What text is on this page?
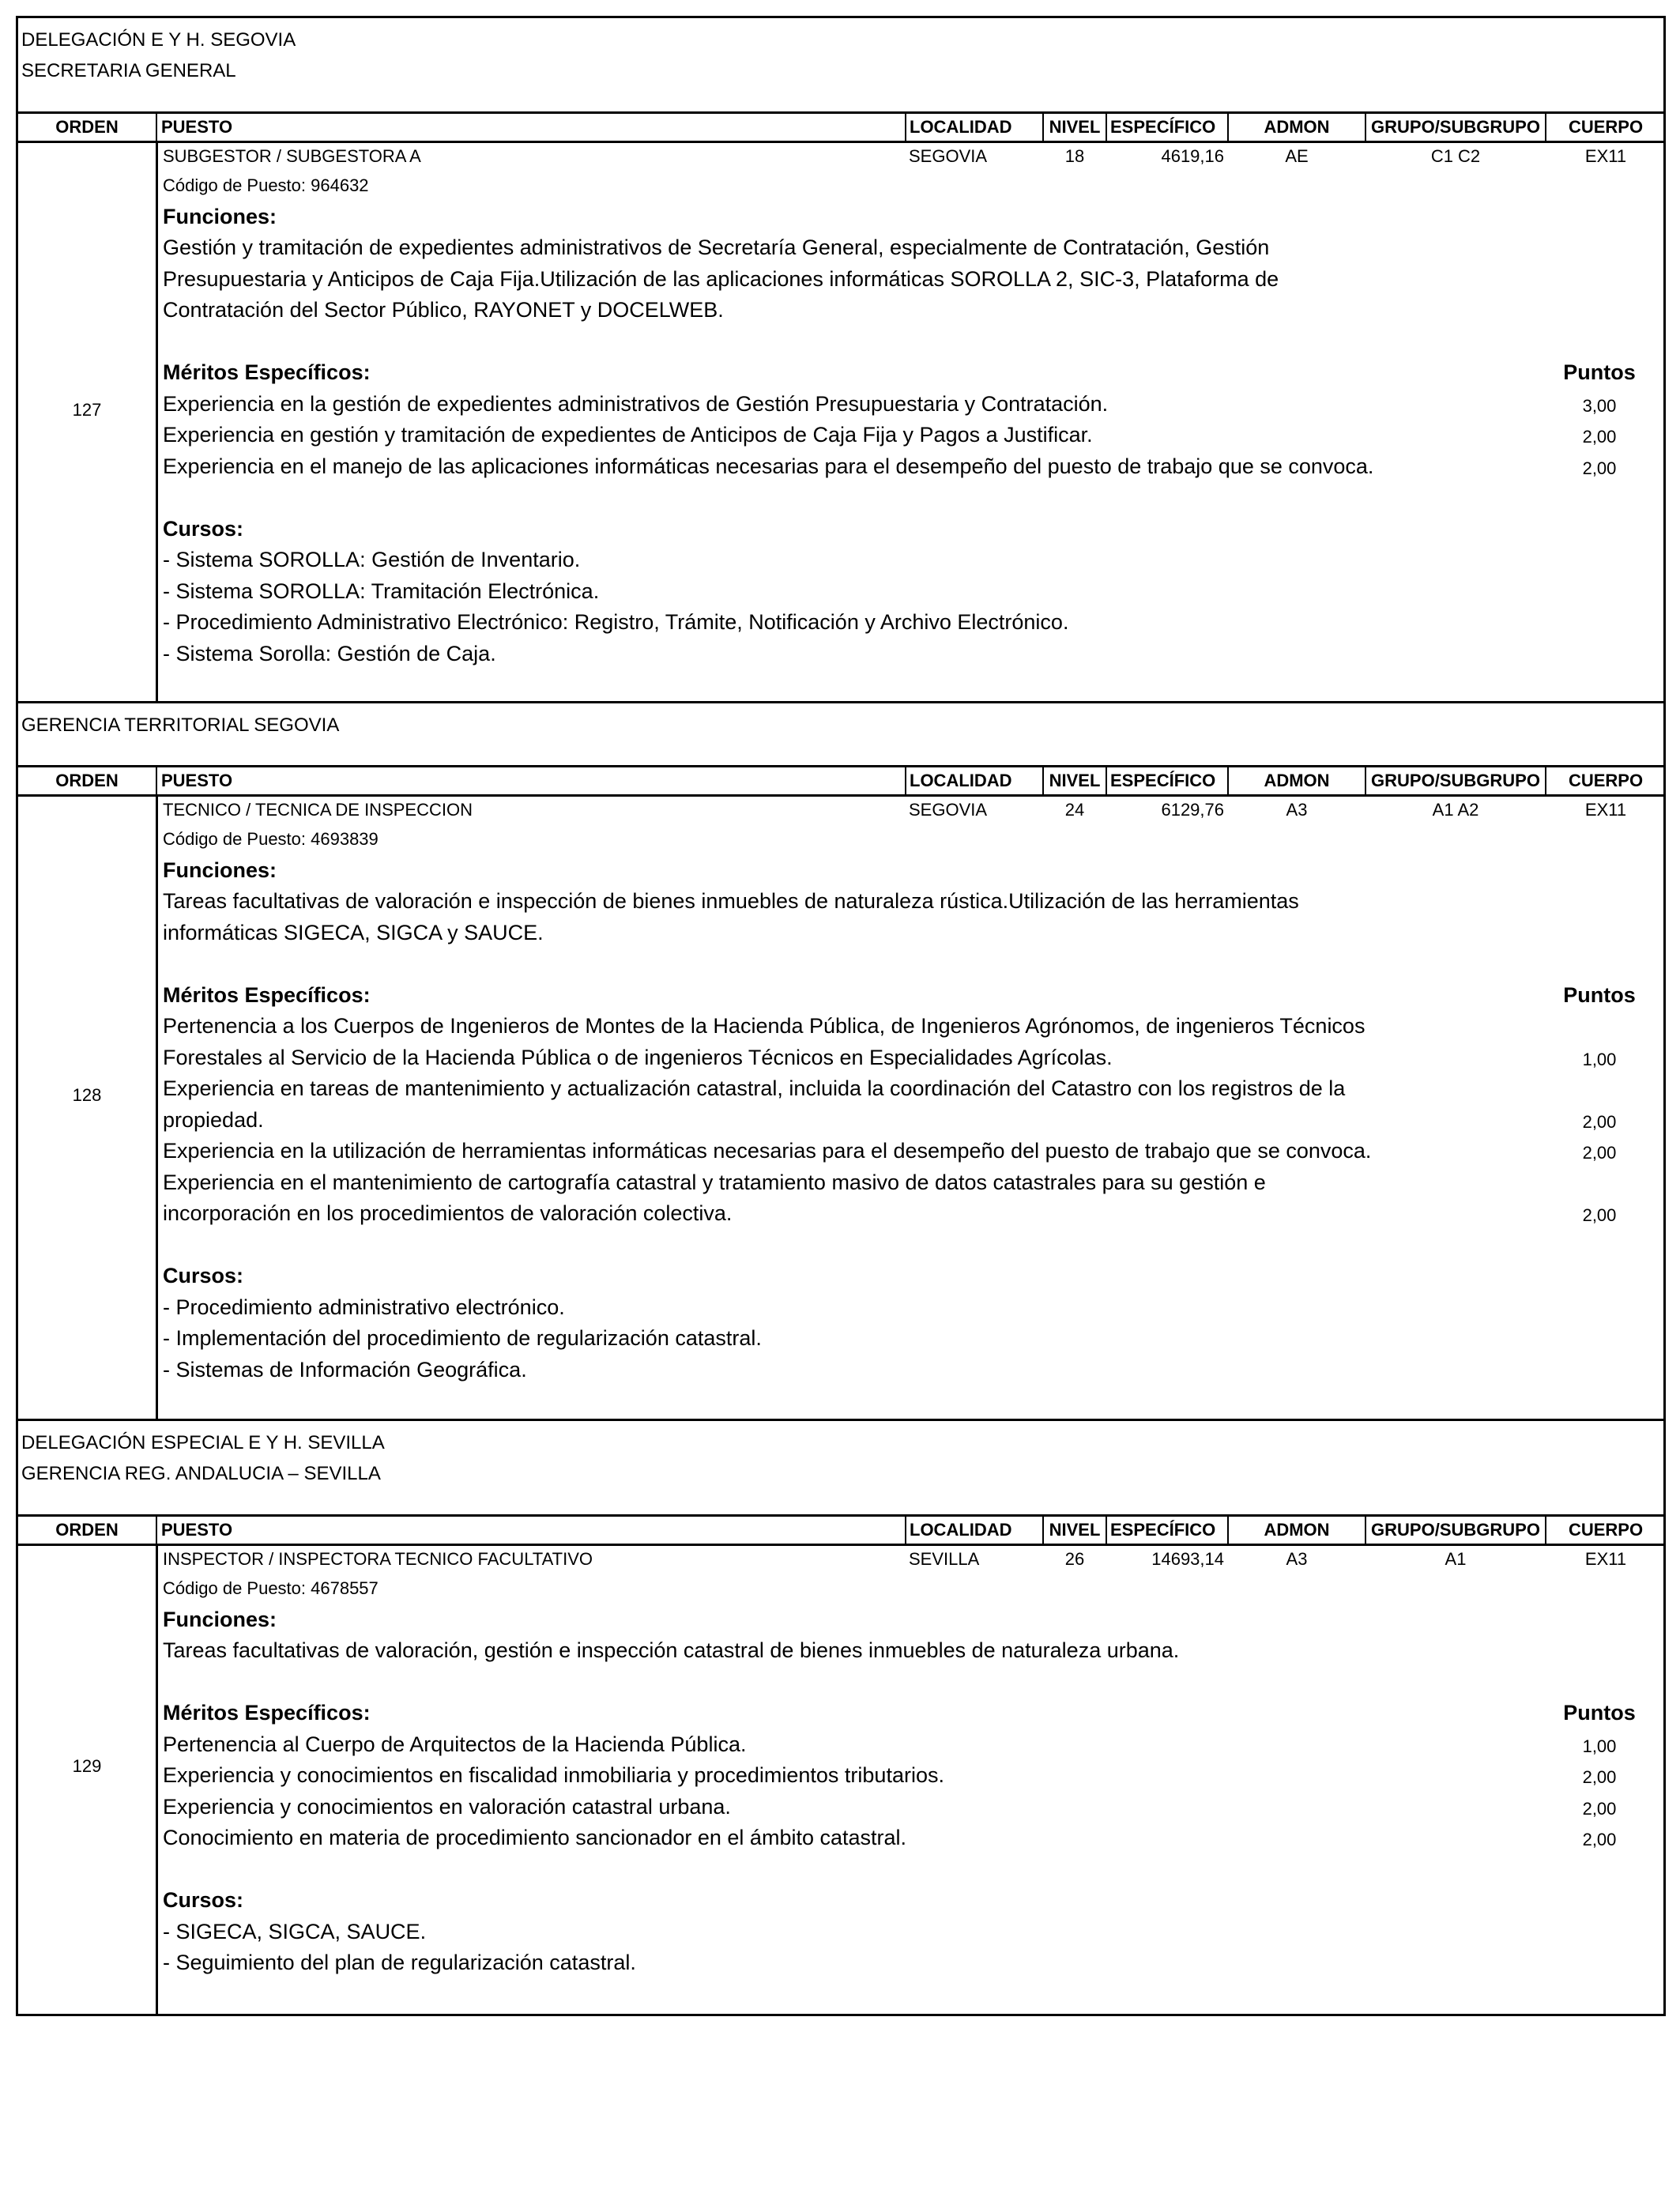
DELEGACIÓN E Y H. SEGOVIA
SECRETARIA GENERAL
ORDEN	PUESTO	LOCALIDAD	NIVEL ESPECÍFICO	ADMON	GRUPO/SUBGRUPO	CUERPO
SUBGESTOR / SUBGESTORA A	SEGOVIA	18	4619,16	AE	C1 C2	EX11
Código de Puesto: 964632
Funciones:
Gestión y tramitación de expedientes administrativos de Secretaría General, especialmente de Contratación, Gestión
Presupuestaria y Anticipos de Caja Fija.Utilización de las aplicaciones informáticas SOROLLA 2, SIC-3, Plataforma de
Contratación del Sector Público, RAYONET y DOCELWEB.
Méritos Específicos:	Puntos
Experiencia en la gestión de expedientes administrativos de Gestión Presupuestaria y Contratación.	3,00
Experiencia en gestión y tramitación de expedientes de Anticipos de Caja Fija y Pagos a Justificar.	2,00
Experiencia en el manejo de las aplicaciones informáticas necesarias para el desempeño del puesto de trabajo que se convoca.	2,00
Cursos:
- Sistema SOROLLA: Gestión de Inventario.
- Sistema SOROLLA: Tramitación Electrónica.
- Procedimiento Administrativo Electrónico: Registro, Trámite, Notificación y Archivo Electrónico.
- Sistema Sorolla: Gestión de Caja.
127
GERENCIA TERRITORIAL SEGOVIA
ORDEN	PUESTO	LOCALIDAD	NIVEL ESPECÍFICO	ADMON	GRUPO/SUBGRUPO	CUERPO
TECNICO / TECNICA DE INSPECCION	SEGOVIA	24	6129,76	A3	A1 A2	EX11
Código de Puesto: 4693839
Funciones:
Tareas facultativas de valoración e inspección de bienes inmuebles de naturaleza rústica.Utilización de las herramientas
informáticas SIGECA, SIGCA y SAUCE.
Méritos Específicos:	Puntos
Pertenencia a los Cuerpos de Ingenieros de Montes de la Hacienda Pública, de Ingenieros Agrónomos, de ingenieros Técnicos
Forestales al Servicio de la Hacienda Pública o de ingenieros Técnicos en Especialidades Agrícolas.	1,00
Experiencia en tareas de mantenimiento y actualización catastral, incluida la coordinación del Catastro con los registros de la
propiedad.	2,00
Experiencia en la utilización de herramientas informáticas necesarias para el desempeño del puesto de trabajo que se convoca.	2,00
Experiencia en el mantenimiento de cartografía catastral y tratamiento masivo de datos catastrales para su gestión e
incorporación en los procedimientos de valoración colectiva.	2,00
Cursos:
- Procedimiento administrativo electrónico.
- Implementación del procedimiento de regularización catastral.
- Sistemas de Información Geográfica.
128
DELEGACIÓN ESPECIAL E Y H. SEVILLA
GERENCIA REG. ANDALUCIA – SEVILLA
ORDEN	PUESTO	LOCALIDAD	NIVEL ESPECÍFICO	ADMON	GRUPO/SUBGRUPO	CUERPO
INSPECTOR / INSPECTORA TECNICO FACULTATIVO	SEVILLA	26	14693,14	A3	A1	EX11
Código de Puesto: 4678557
Funciones:
Tareas facultativas de valoración, gestión e inspección catastral de bienes inmuebles de naturaleza urbana.
Méritos Específicos:	Puntos
Pertenencia al Cuerpo de Arquitectos de la Hacienda Pública.	1,00
Experiencia y conocimientos en fiscalidad inmobiliaria y procedimientos tributarios.	2,00
Experiencia y conocimientos en valoración catastral urbana.	2,00
Conocimiento en materia de procedimiento sancionador en el ámbito catastral.	2,00
Cursos:
- SIGECA, SIGCA, SAUCE.
- Seguimiento del plan de regularización catastral.
129
